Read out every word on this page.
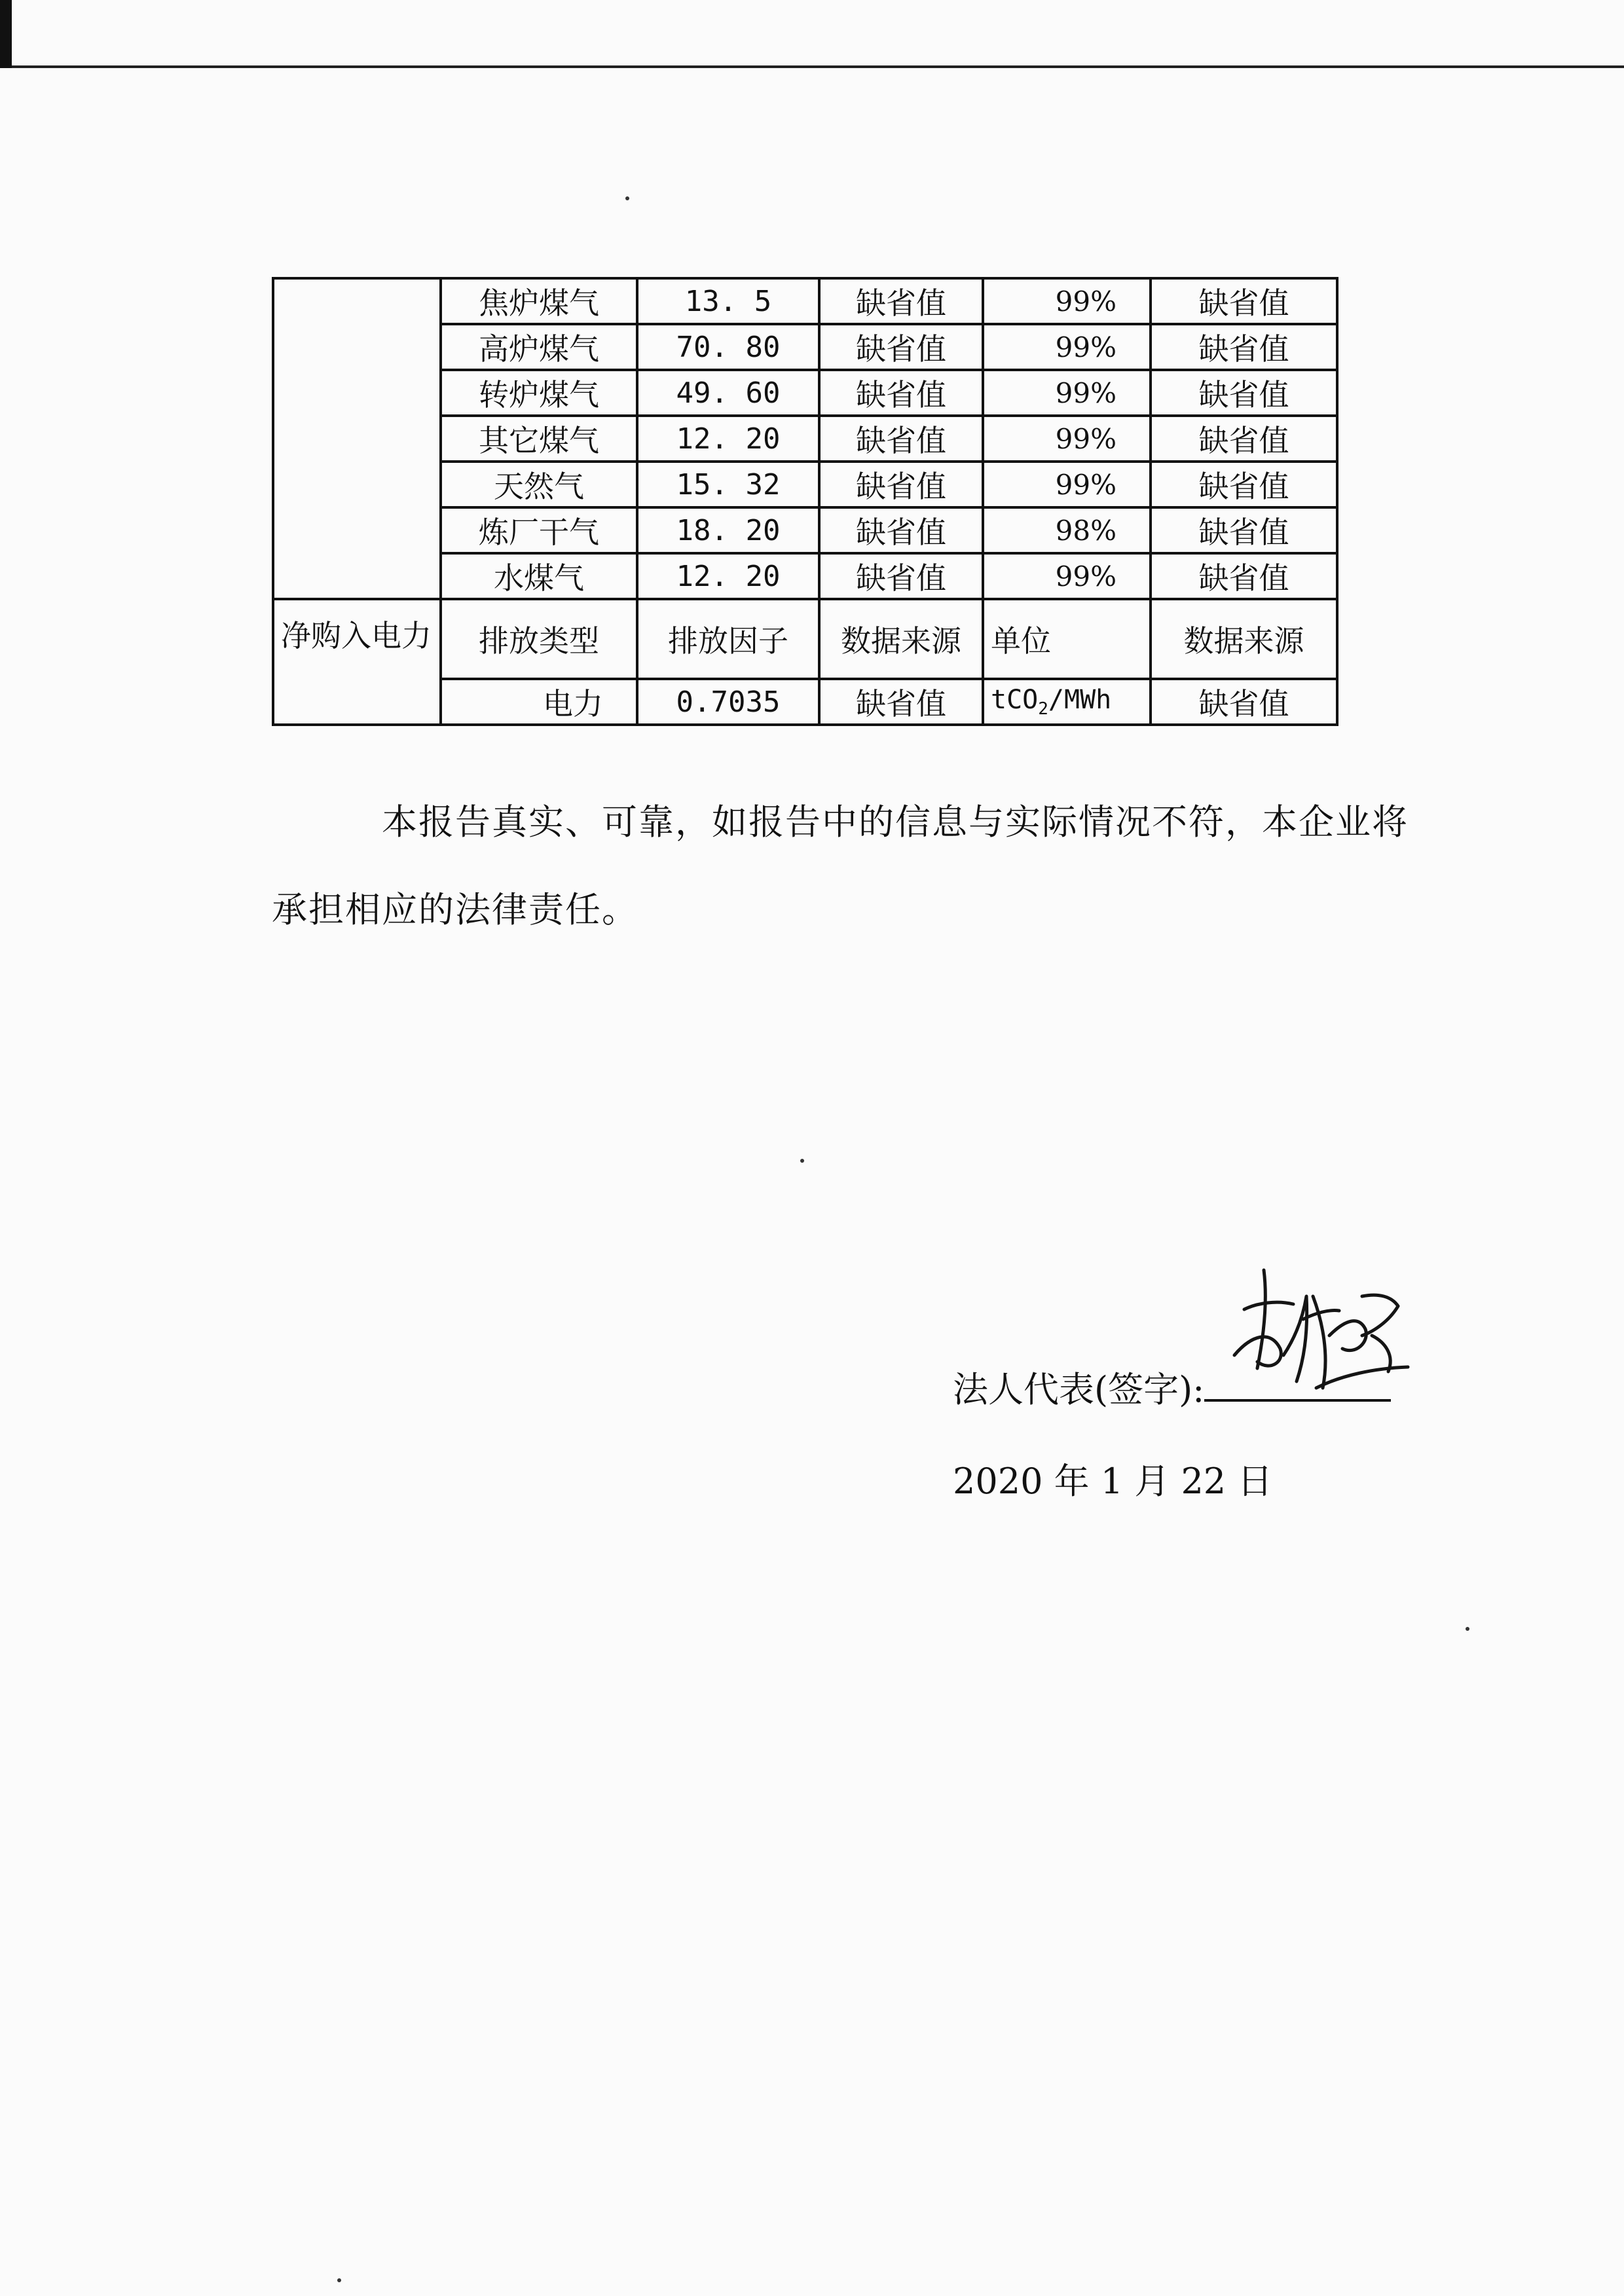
	焦炉煤气	13. 5	缺省值	99%	缺省值
	高炉煤气	70. 80	缺省值	99%	缺省值
	转炉煤气	49. 60	缺省值	99%	缺省值
	其它煤气	12. 20	缺省值	99%	缺省值
	天然气	15. 32	缺省值	99%	缺省值
	炼厂干气	18. 20	缺省值	98%	缺省值
	水煤气	12. 20	缺省值	99%	缺省值
净购入电力	排放类型	排放因子	数据来源	单位	数据来源
	电力	0.7035	缺省值	tCO$_2$/MWh	缺省值

本报告真实、可靠，如报告中的信息与实际情况不符，本企业将承担相应的法律责任。

法人代表(签字):
2020 年 1 月 22 日
